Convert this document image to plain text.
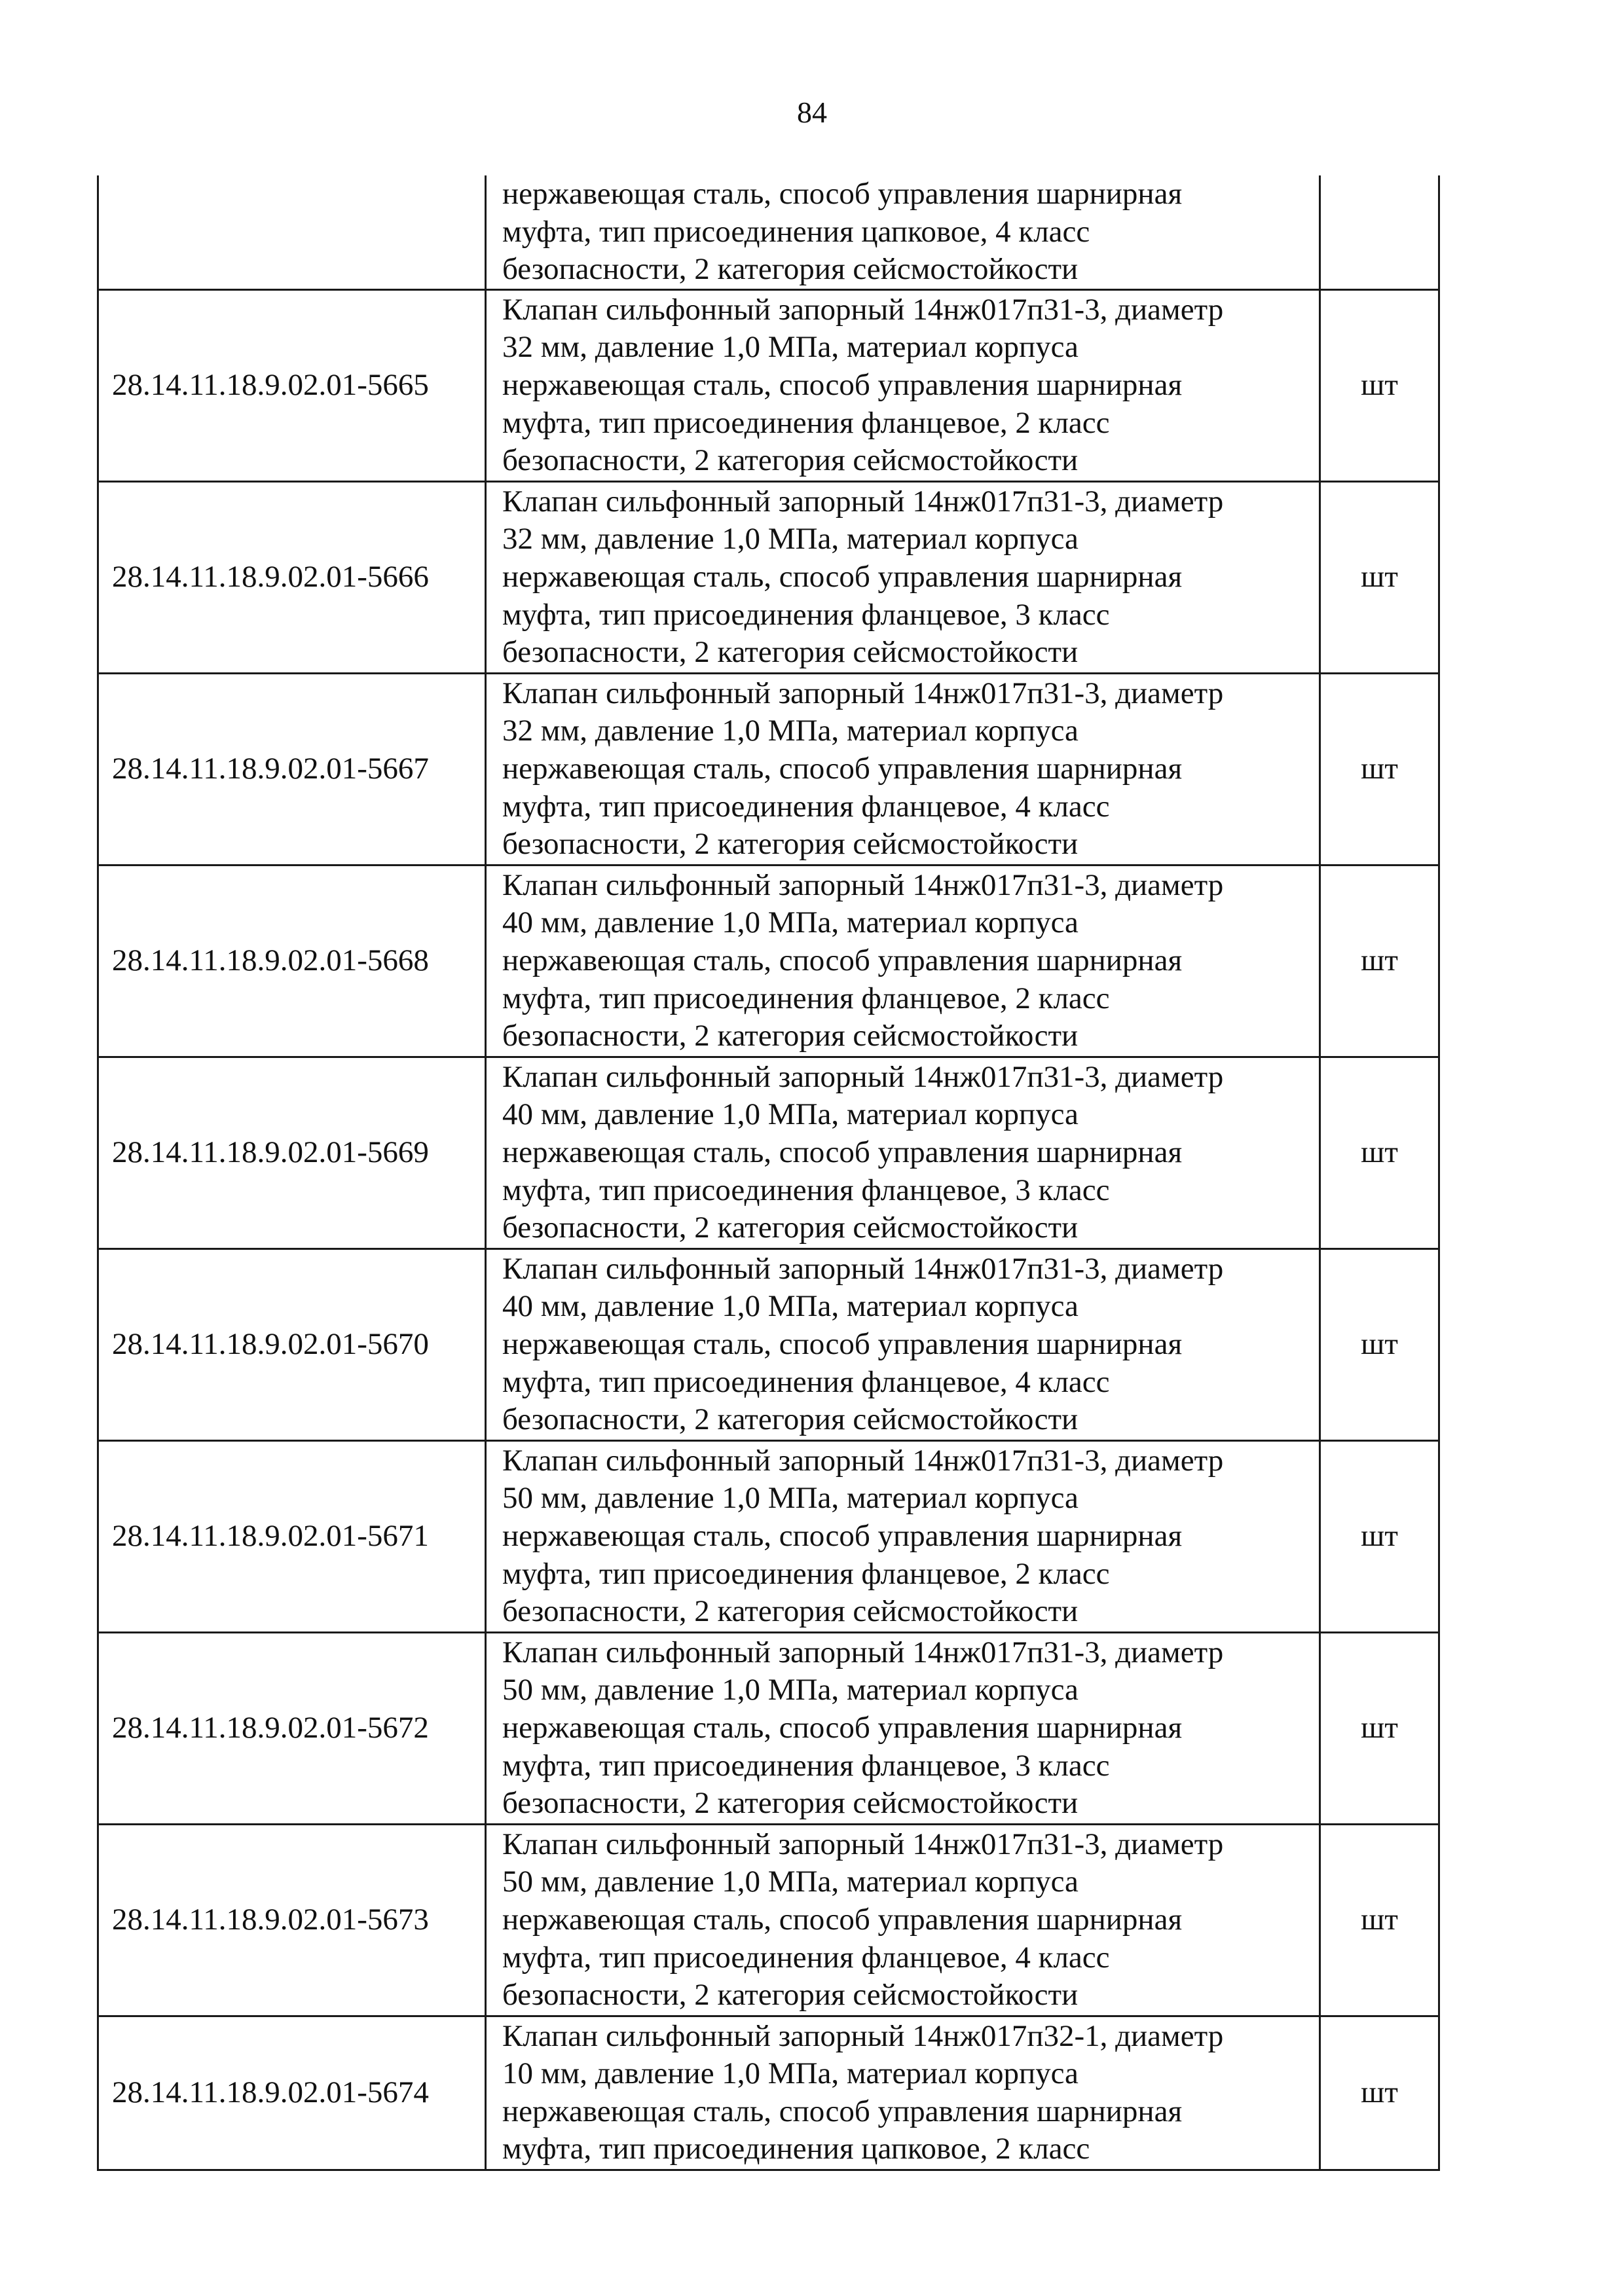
84

	нержавеющая сталь, способ управления шарнирная
муфта, тип присоединения цапковое, 4 класс
безопасности, 2 категория сейсмостойкости	

28.14.11.18.9.02.01-5665	Клапан сильфонный запорный 14нж017п31-3, диаметр
32 мм, давление 1,0 МПа, материал корпуса
нержавеющая сталь, способ управления шарнирная
муфта, тип присоединения фланцевое, 2 класс
безопасности, 2 категория сейсмостойкости	шт
28.14.11.18.9.02.01-5666	Клапан сильфонный запорный 14нж017п31-3, диаметр
32 мм, давление 1,0 МПа, материал корпуса
нержавеющая сталь, способ управления шарнирная
муфта, тип присоединения фланцевое, 3 класс
безопасности, 2 категория сейсмостойкости	шт
28.14.11.18.9.02.01-5667	Клапан сильфонный запорный 14нж017п31-3, диаметр
32 мм, давление 1,0 МПа, материал корпуса
нержавеющая сталь, способ управления шарнирная
муфта, тип присоединения фланцевое, 4 класс
безопасности, 2 категория сейсмостойкости	шт
28.14.11.18.9.02.01-5668	Клапан сильфонный запорный 14нж017п31-3, диаметр
40 мм, давление 1,0 МПа, материал корпуса
нержавеющая сталь, способ управления шарнирная
муфта, тип присоединения фланцевое, 2 класс
безопасности, 2 категория сейсмостойкости	шт
28.14.11.18.9.02.01-5669	Клапан сильфонный запорный 14нж017п31-3, диаметр
40 мм, давление 1,0 МПа, материал корпуса
нержавеющая сталь, способ управления шарнирная
муфта, тип присоединения фланцевое, 3 класс
безопасности, 2 категория сейсмостойкости	шт
28.14.11.18.9.02.01-5670	Клапан сильфонный запорный 14нж017п31-3, диаметр
40 мм, давление 1,0 МПа, материал корпуса
нержавеющая сталь, способ управления шарнирная
муфта, тип присоединения фланцевое, 4 класс
безопасности, 2 категория сейсмостойкости	шт
28.14.11.18.9.02.01-5671	Клапан сильфонный запорный 14нж017п31-3, диаметр
50 мм, давление 1,0 МПа, материал корпуса
нержавеющая сталь, способ управления шарнирная
муфта, тип присоединения фланцевое, 2 класс
безопасности, 2 категория сейсмостойкости	шт
28.14.11.18.9.02.01-5672	Клапан сильфонный запорный 14нж017п31-3, диаметр
50 мм, давление 1,0 МПа, материал корпуса
нержавеющая сталь, способ управления шарнирная
муфта, тип присоединения фланцевое, 3 класс
безопасности, 2 категория сейсмостойкости	шт
28.14.11.18.9.02.01-5673	Клапан сильфонный запорный 14нж017п31-3, диаметр
50 мм, давление 1,0 МПа, материал корпуса
нержавеющая сталь, способ управления шарнирная
муфта, тип присоединения фланцевое, 4 класс
безопасности, 2 категория сейсмостойкости	шт
28.14.11.18.9.02.01-5674	Клапан сильфонный запорный 14нж017п32-1, диаметр
10 мм, давление 1,0 МПа, материал корпуса
нержавеющая сталь, способ управления шарнирная
муфта, тип присоединения цапковое, 2 класс	шт
